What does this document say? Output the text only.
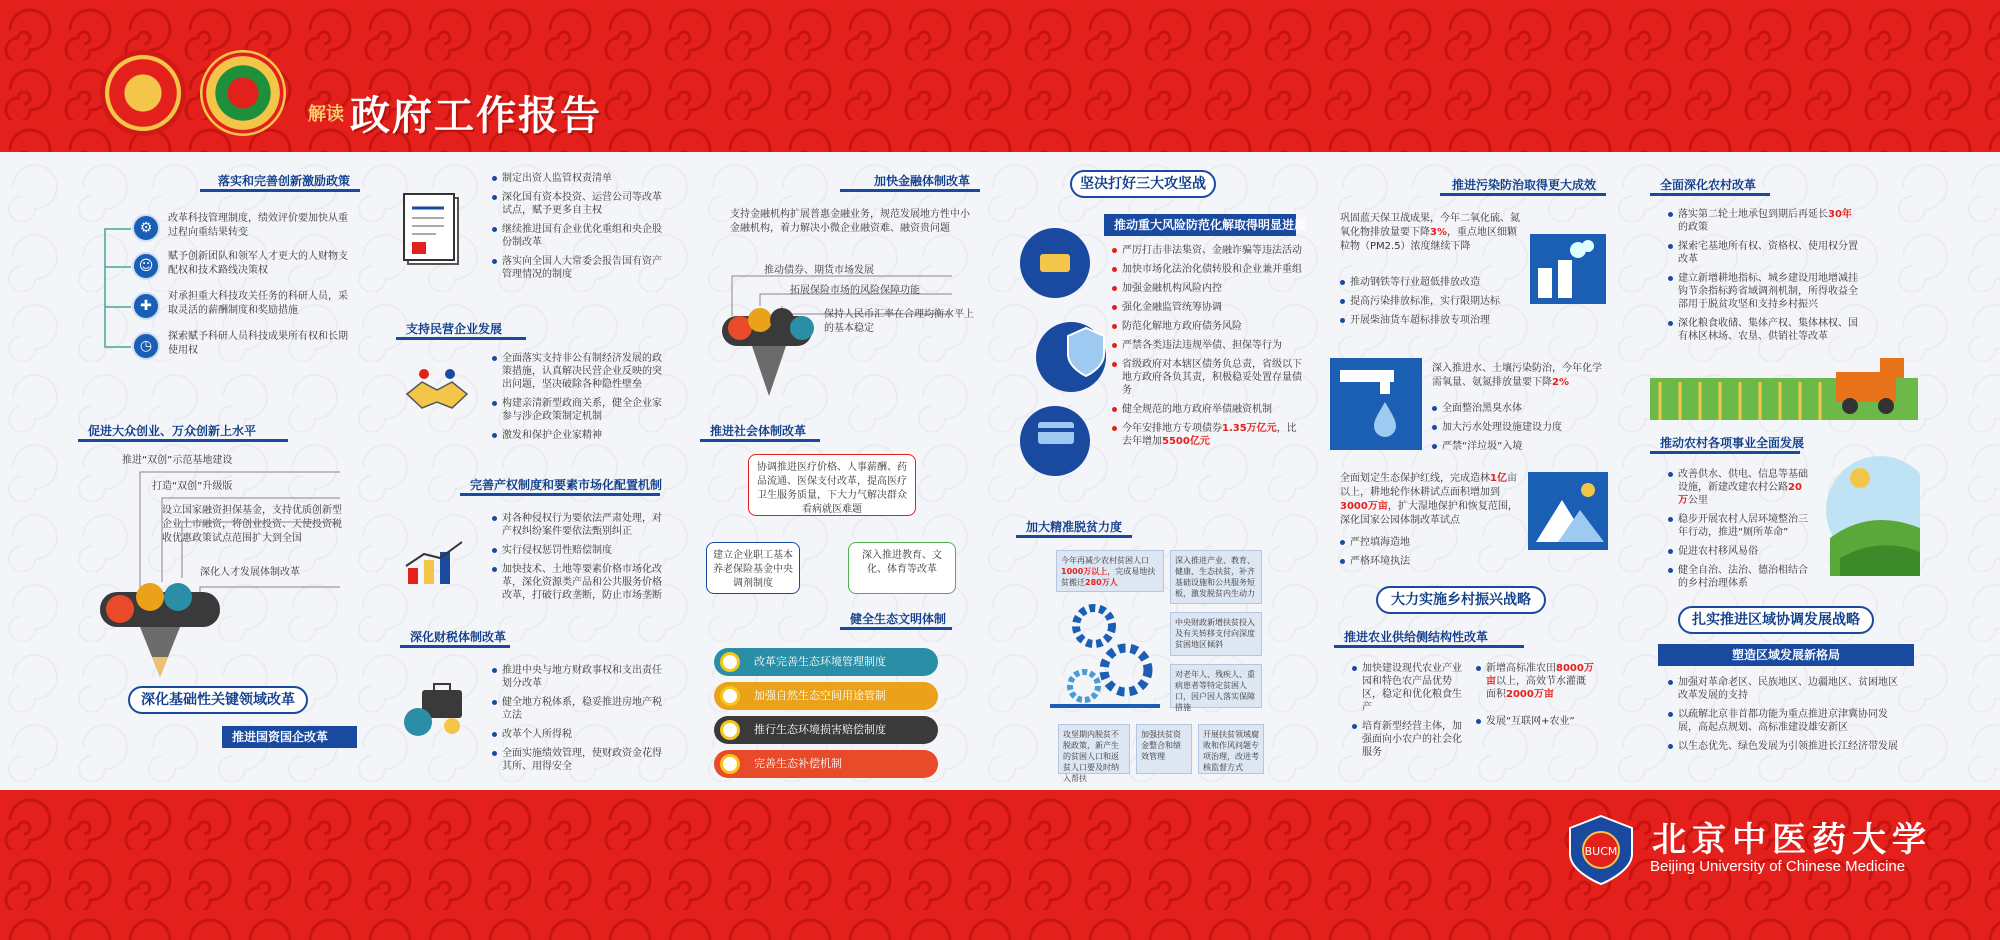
解读 政府工作报告
落实和完善创新激励政策
⚙
改革科技管理制度，绩效评价要加快从重过程向重结果转变
☺
赋予创新团队和领军人才更大的人财物支配权和技术路线决策权
✚
对承担重大科技攻关任务的科研人员，采取灵活的薪酬制度和奖励措施
◷
探索赋予科研人员科技成果所有权和长期使用权
促进大众创业、万众创新上水平
推进“双创”示范基地建设
打造“双创”升级版
设立国家融资担保基金，支持优质创新型企业上市融资，将创业投资、天使投资税收优惠政策试点范围扩大到全国
深化人才发展体制改革
深化基础性关键领域改革
推进国资国企改革
制定出资人监管权责清单
深化国有资本投资、运营公司等改革试点，赋予更多自主权
继续推进国有企业优化重组和央企股份制改革
落实向全国人大常委会报告国有资产管理情况的制度
支持民营企业发展
全面落实支持非公有制经济发展的政策措施，认真解决民营企业反映的突出问题，坚决破除各种隐性壁垒
构建亲清新型政商关系，健全企业家参与涉企政策制定机制
激发和保护企业家精神
完善产权制度和要素市场化配置机制
对各种侵权行为要依法严肃处理，对产权纠纷案件要依法甄别纠正
实行侵权惩罚性赔偿制度
加快技术、土地等要素价格市场化改革，深化资源类产品和公共服务价格改革，打破行政垄断，防止市场垄断
深化财税体制改革
推进中央与地方财政事权和支出责任划分改革
健全地方税体系，稳妥推进房地产税立法
改革个人所得税
全面实施绩效管理，使财政资金花得其所、用得安全
加快金融体制改革
支持金融机构扩展普惠金融业务，规范发展地方性中小金融机构，着力解决小微企业融资难、融资贵问题
推动债券、期货市场发展
拓展保险市场的风险保障功能
保持人民币汇率在合理均衡水平上的基本稳定
推进社会体制改革
协调推进医疗价格、人事薪酬、药品流通、医保支付改革，提高医疗卫生服务质量，下大力气解决群众看病就医难题
建立企业职工基本养老保险基金中央调剂制度
深入推进教育、文化、体育等改革
健全生态文明体制
改革完善生态环境管理制度
加强自然生态空间用途管制
推行生态环境损害赔偿制度
完善生态补偿机制
坚决打好三大攻坚战
推动重大风险防范化解取得明显进展
严厉打击非法集资、金融诈骗等违法活动
加快市场化法治化债转股和企业兼并重组
加强金融机构风险内控
强化金融监管统筹协调
防范化解地方政府债务风险
严禁各类违法违规举债、担保等行为
省级政府对本辖区债务负总责，省级以下地方政府各负其责，积极稳妥处置存量债务
健全规范的地方政府举债融资机制
今年安排地方专项债券1.35万亿元，比去年增加5500亿元
加大精准脱贫力度
今年再减少农村贫困人口1000万以上，完成易地扶贫搬迁280万人
深入推进产业、教育、健康、生态扶贫，补齐基础设施和公共服务短板，激发脱贫内生动力
中央财政新增扶贫投入及有关转移支付向深度贫困地区倾斜
对老年人、残疾人、重病患者等特定贫困人口，因户因人落实保障措施
攻坚期内脱贫不脱政策，新产生的贫困人口和返贫人口要及时纳入帮扶
加强扶贫资金整合和绩效管理
开展扶贫领域腐败和作风问题专项治理，改进考核监督方式
推进污染防治取得更大成效
巩固蓝天保卫战成果，今年二氧化硫、氮氧化物排放量要下降3%，重点地区细颗粒物（PM2.5）浓度继续下降
推动钢铁等行业超低排放改造
提高污染排放标准，实行限期达标
开展柴油货车超标排放专项治理
深入推进水、土壤污染防治，今年化学需氧量、氨氮排放量要下降2%
全面整治黑臭水体
加大污水处理设施建设力度
严禁“洋垃圾”入境
全面划定生态保护红线，完成造林1亿亩以上，耕地轮作休耕试点面积增加到3000万亩，扩大湿地保护和恢复范围，深化国家公园体制改革试点
严控填海造地
严格环境执法
大力实施乡村振兴战略
推进农业供给侧结构性改革
加快建设现代农业产业园和特色农产品优势区，稳定和优化粮食生产
培育新型经营主体，加强面向小农户的社会化服务
新增高标准农田8000万亩以上，高效节水灌溉面积2000万亩
发展“互联网+农业”
全面深化农村改革
落实第二轮土地承包到期后再延长30年的政策
探索宅基地所有权、资格权、使用权分置改革
建立新增耕地指标、城乡建设用地增减挂钩节余指标跨省域调剂机制，所得收益全部用于脱贫攻坚和支持乡村振兴
深化粮食收储、集体产权、集体林权、国有林区林场、农垦、供销社等改革
推动农村各项事业全面发展
改善供水、供电、信息等基础设施，新建改建农村公路20万公里
稳步开展农村人居环境整治三年行动，推进“厕所革命”
促进农村移风易俗
健全自治、法治、德治相结合的乡村治理体系
扎实推进区域协调发展战略
塑造区域发展新格局
加强对革命老区、民族地区、边疆地区、贫困地区改革发展的支持
以疏解北京非首都功能为重点推进京津冀协同发展，高起点规划、高标准建设雄安新区
以生态优先、绿色发展为引领推进长江经济带发展
BUCM 北京中医药大学
Beijing University of Chinese Medicine
